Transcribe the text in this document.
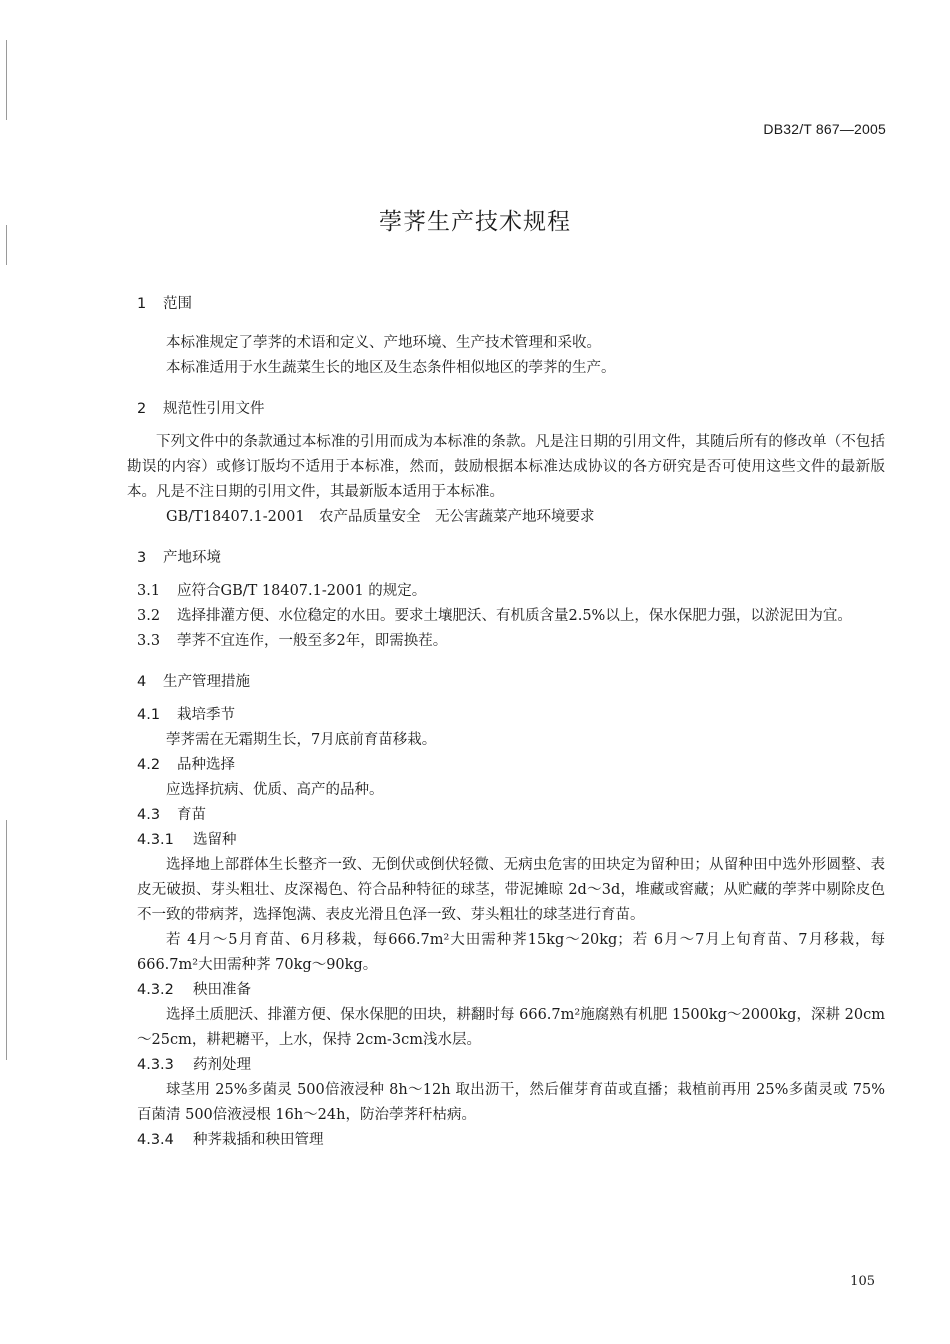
DB32/T 867—2005
荸荠生产技术规程
1 范围

本标准规定了荸荠的术语和定义、产地环境、生产技术管理和采收。

本标准适用于水生蔬菜生长的地区及生态条件相似地区的荸荠的生产。

2 规范性引用文件

下列文件中的条款通过本标准的引用而成为本标准的条款。凡是注日期的引用文件，其随后所有的修改单（不包括勘误的内容）或修订版均不适用于本标准，然而，鼓励根据本标准达成协议的各方研究是否可使用这些文件的最新版本。凡是不注日期的引用文件，其最新版本适用于本标准。

GB/T18407.1-2001　农产品质量安全　无公害蔬菜产地环境要求

3 产地环境

3.1 应符合GB/T 18407.1-2001 的规定。

3.2 选择排灌方便、水位稳定的水田。要求土壤肥沃、有机质含量2.5%以上，保水保肥力强，以淤泥田为宜。

3.3 荸荠不宜连作，一般至多2年，即需换茬。

4 生产管理措施
4.1 栽培季节

荸荠需在无霜期生长，7月底前育苗移栽。

4.2 品种选择

应选择抗病、优质、高产的品种。

4.3 育苗
4.3.1 选留种

选择地上部群体生长整齐一致、无倒伏或倒伏轻微、无病虫危害的田块定为留种田；从留种田中选外形圆整、表皮无破损、芽头粗壮、皮深褐色、符合品种特征的球茎，带泥摊晾 2d～3d，堆藏或窖藏；从贮藏的荸荠中剔除皮色不一致的带病荠，选择饱满、表皮光滑且色泽一致、芽头粗壮的球茎进行育苗。

若 4月～5月育苗、6月移栽，每666.7m²大田需种荠15kg～20kg；若 6月～7月上旬育苗、7月移栽，每666.7m²大田需种荠 70kg～90kg。

4.3.2 秧田准备

选择土质肥沃、排灌方便、保水保肥的田块，耕翻时每 666.7m²施腐熟有机肥 1500kg～2000kg，深耕 20cm～25cm，耕耙耱平，上水，保持 2cm-3cm浅水层。

4.3.3 药剂处理

球茎用 25%多菌灵 500倍液浸种 8h～12h 取出沥干，然后催芽育苗或直播；栽植前再用 25%多菌灵或 75%百菌清 500倍液浸根 16h～24h，防治荸荠秆枯病。

4.3.4 种荠栽插和秧田管理
105
